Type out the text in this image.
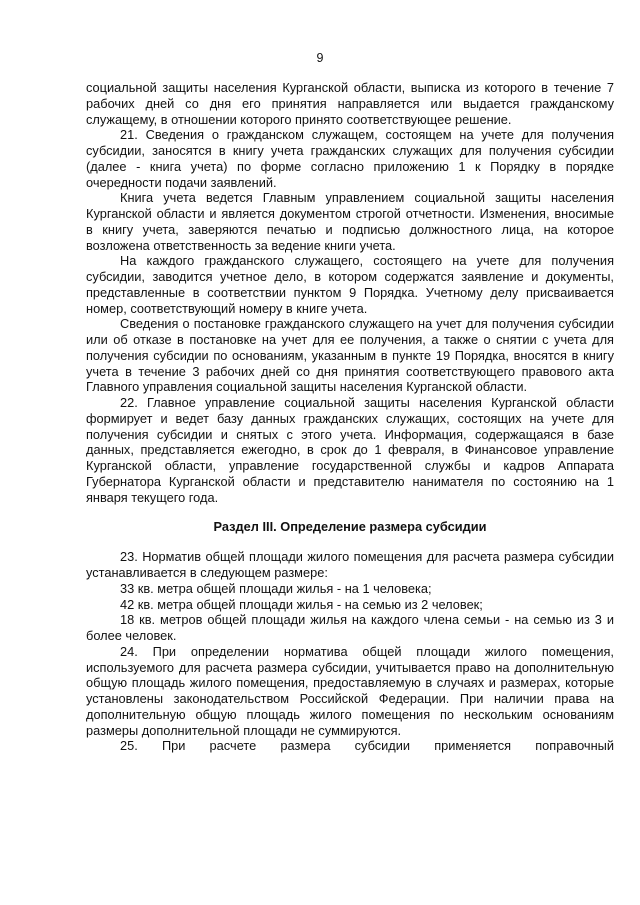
9

социальной защиты населения Курганской области, выписка из которого в течение 7 рабочих дней со дня его принятия направляется или выдается гражданскому служащему, в отношении которого принято соответствующее решение.

21. Сведения о гражданском служащем, состоящем на учете для получения субсидии, заносятся в книгу учета гражданских служащих для получения субсидии (далее - книга учета) по форме согласно приложению 1 к Порядку в порядке очередности подачи заявлений.

Книга учета ведется Главным управлением социальной защиты населения Курганской области и является документом строгой отчетности. Изменения, вносимые в книгу учета, заверяются печатью и подписью должностного лица, на которое возложена ответственность за ведение книги учета.

На каждого гражданского служащего, состоящего на учете для получения субсидии, заводится учетное дело, в котором содержатся заявление и документы, представленные в соответствии пунктом 9 Порядка. Учетному делу присваивается номер, соответствующий номеру в книге учета.

Сведения о постановке гражданского служащего на учет для получения субсидии или об отказе в постановке на учет для ее получения, а также о снятии с учета для получения субсидии по основаниям, указанным в пункте 19 Порядка, вносятся в книгу учета в течение 3 рабочих дней со дня принятия соответствующего правового акта Главного управления социальной защиты населения Курганской области.

22. Главное управление социальной защиты населения Курганской области формирует и ведет базу данных гражданских служащих, состоящих на учете для получения субсидии и снятых с этого учета. Информация, содержащаяся в базе данных, представляется ежегодно, в срок до 1 февраля, в Финансовое управление Курганской области, управление государственной службы и кадров Аппарата Губернатора Курганской области и представителю нанимателя по состоянию на 1 января текущего года.

Раздел III. Определение размера субсидии

23. Норматив общей площади жилого помещения для расчета размера субсидии устанавливается в следующем размере:

33 кв. метра общей площади жилья - на 1 человека;

42 кв. метра общей площади жилья - на семью из 2 человек;

18 кв. метров общей площади жилья на каждого члена семьи - на семью из 3 и более человек.

24. При определении норматива общей площади жилого помещения, используемого для расчета размера субсидии, учитывается право на дополнительную общую площадь жилого помещения, предоставляемую в случаях и размерах, которые установлены законодательством Российской Федерации. При наличии права на дополнительную общую площадь жилого помещения по нескольким основаниям размеры дополнительной площади не суммируются.

25. При расчете размера субсидии применяется поправочный
